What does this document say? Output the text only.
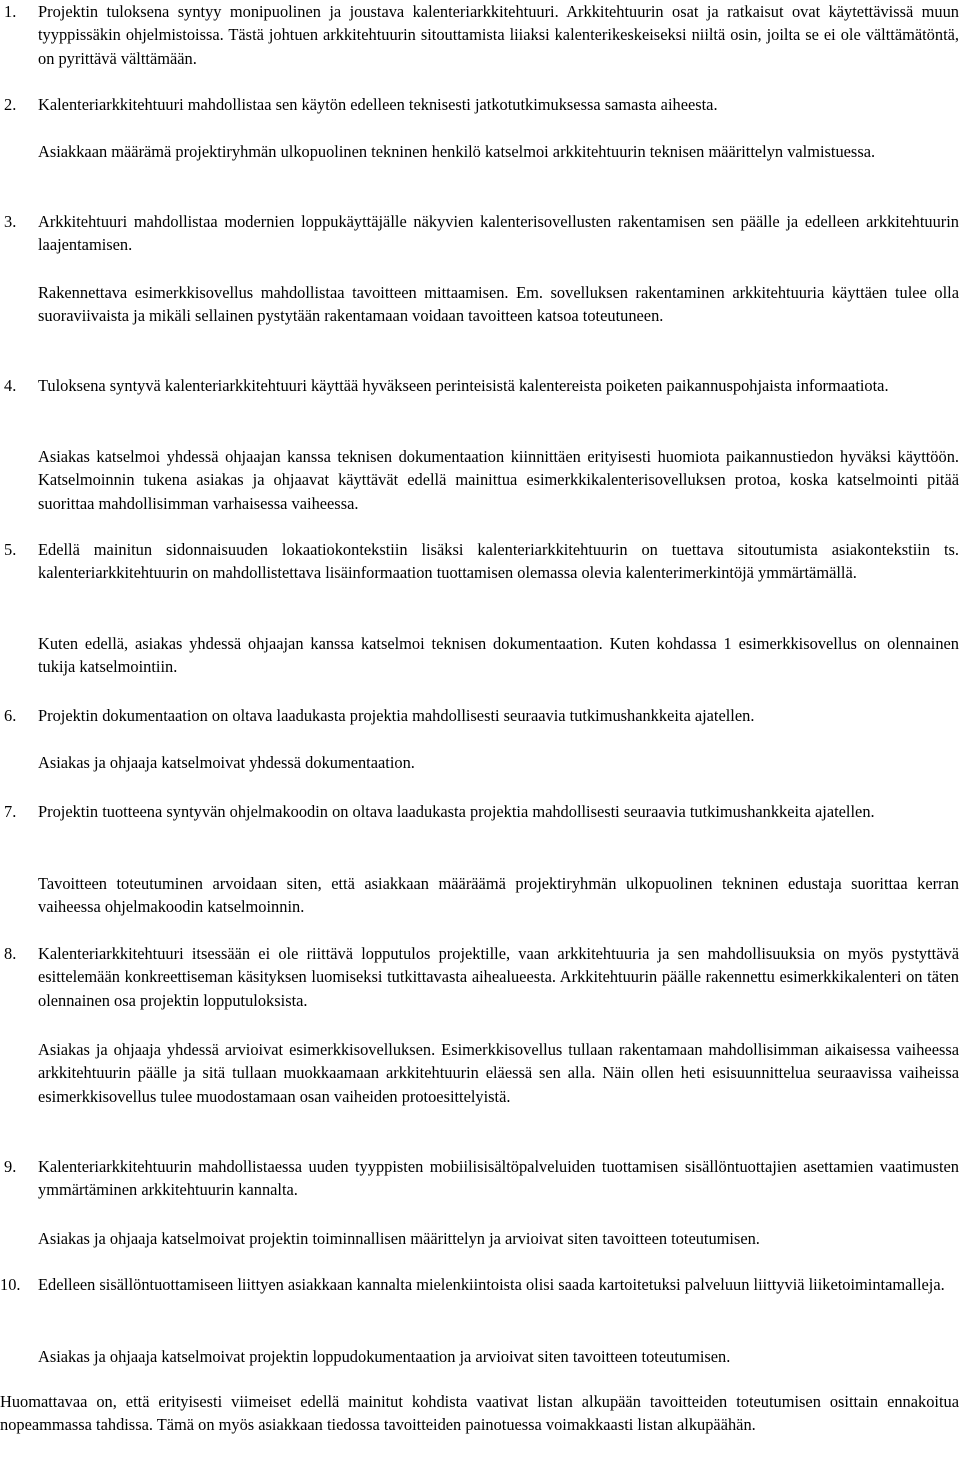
1. Projektin tuloksena syntyy monipuolinen ja joustava kalenteriarkkitehtuuri. Arkkitehtuurin osat ja ratkaisut ovat käytettävissä muun tyyppissäkin ohjelmistoissa. Tästä johtuen arkkitehtuurin sitouttamista liiaksi kalenterikeskeiseksi niiltä osin, joilta se ei ole välttämätöntä, on pyrittävä välttämään.

2. Kalenteriarkkitehtuuri mahdollistaa sen käytön edelleen teknisesti jatkotutkimuksessa samasta aiheesta.

Asiakkaan määrämä projektiryhmän ulkopuolinen tekninen henkilö katselmoi arkkitehtuurin teknisen määrittelyn valmistuessa.

3. Arkkitehtuuri mahdollistaa modernien loppukäyttäjälle näkyvien kalenterisovellusten rakentamisen sen päälle ja edelleen arkkitehtuurin laajentamisen.

Rakennettava esimerkkisovellus mahdollistaa tavoitteen mittaamisen. Em. sovelluksen rakentaminen arkkitehtuuria käyttäen tulee olla suoraviivaista ja mikäli sellainen pystytään rakentamaan voidaan tavoitteen katsoa toteutuneen.

4. Tuloksena syntyvä kalenteriarkkitehtuuri käyttää hyväkseen perinteisistä kalentereista poiketen paikannuspohjaista informaatiota.

Asiakas katselmoi yhdessä ohjaajan kanssa teknisen dokumentaation kiinnittäen erityisesti huomiota paikannustiedon hyväksi käyttöön. Katselmoinnin tukena asiakas ja ohjaavat käyttävät edellä mainittua esimerkkikalenterisovelluksen protoa, koska katselmointi pitää suorittaa mahdollisimman varhaisessa vaiheessa.

5. Edellä mainitun sidonnaisuuden lokaatiokontekstiin lisäksi kalenteriarkkitehtuurin on tuettava sitoutumista asiakontekstiin ts. kalenteriarkkitehtuurin on mahdollistettava lisäinformaation tuottamisen olemassa olevia kalenterimerkintöjä ymmärtämällä.

Kuten edellä, asiakas yhdessä ohjaajan kanssa katselmoi teknisen dokumentaation. Kuten kohdassa 1 esimerkkisovellus on olennainen tukija katselmointiin.

6. Projektin dokumentaation on oltava laadukasta projektia mahdollisesti seuraavia tutkimushankkeita ajatellen.

Asiakas ja ohjaaja katselmoivat yhdessä dokumentaation.

7. Projektin tuotteena syntyvän ohjelmakoodin on oltava laadukasta projektia mahdollisesti seuraavia tutkimushankkeita ajatellen.

Tavoitteen toteutuminen arvoidaan siten, että asiakkaan määräämä projektiryhmän ulkopuolinen tekninen edustaja suorittaa kerran vaiheessa ohjelmakoodin katselmoinnin.

8. Kalenteriarkkitehtuuri itsessään ei ole riittävä lopputulos projektille, vaan arkkitehtuuria ja sen mahdollisuuksia on myös pystyttävä esittelemään konkreettiseman käsityksen luomiseksi tutkittavasta aihealueesta. Arkkitehtuurin päälle rakennettu esimerkkikalenteri on täten olennainen osa projektin lopputuloksista.

Asiakas ja ohjaaja yhdessä arvioivat esimerkkisovelluksen. Esimerkkisovellus tullaan rakentamaan mahdollisimman aikaisessa vaiheessa arkkitehtuurin päälle ja sitä tullaan muokkaamaan arkkitehtuurin eläessä sen alla. Näin ollen heti esisuunnittelua seuraavissa vaiheissa esimerkkisovellus tulee muodostamaan osan vaiheiden protoesittelyistä.

9. Kalenteriarkkitehtuurin mahdollistaessa uuden tyyppisten mobiilisisältöpalveluiden tuottamisen sisällöntuottajien asettamien vaatimusten ymmärtäminen arkkitehtuurin kannalta.

Asiakas ja ohjaaja katselmoivat projektin toiminnallisen määrittelyn ja arvioivat siten tavoitteen toteutumisen.

10. Edelleen sisällöntuottamiseen liittyen asiakkaan kannalta mielenkiintoista olisi saada kartoitetuksi palveluun liittyviä liiketoimintamalleja.

Asiakas ja ohjaaja katselmoivat projektin loppudokumentaation ja arvioivat siten tavoitteen toteutumisen.

Huomattavaa on, että erityisesti viimeiset edellä mainitut kohdista vaativat listan alkupään tavoitteiden toteutumisen osittain ennakoitua nopeammassa tahdissa. Tämä on myös asiakkaan tiedossa tavoitteiden painotuessa voimakkaasti listan alkupäähän.
